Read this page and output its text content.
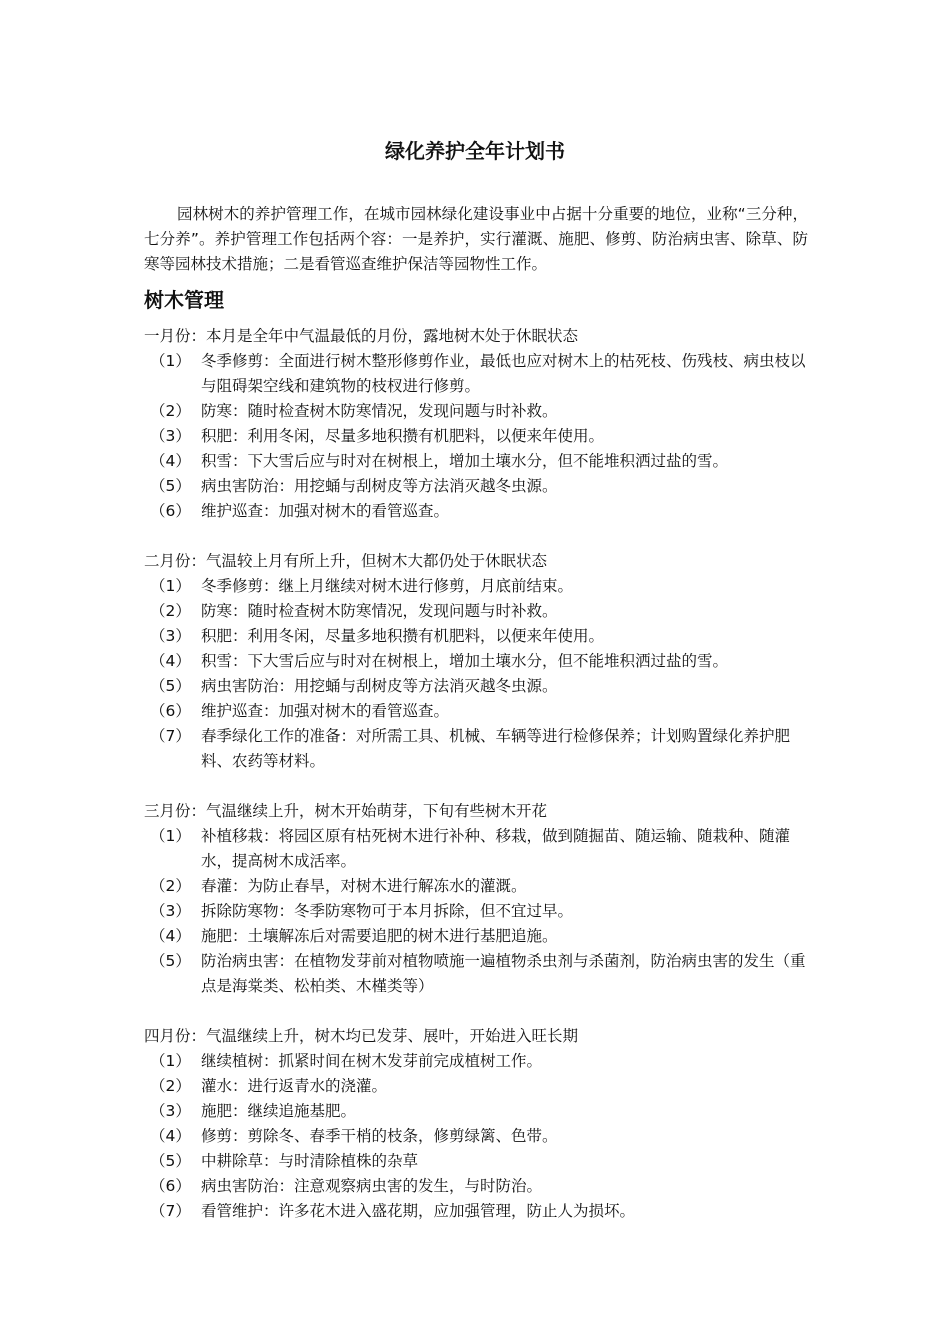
绿化养护全年计划书

园林树木的养护管理工作，在城市园林绿化建设事业中占据十分重要的地位，业称“三分种，七分养”。养护管理工作包括两个容：一是养护，实行灌溉、施肥、修剪、防治病虫害、除草、防寒等园林技术措施；二是看管巡查维护保洁等园物性工作。

树木管理
一月份：本月是全年中气温最低的月份，露地树木处于休眠状态
（1） 冬季修剪：全面进行树木整形修剪作业，最低也应对树木上的枯死枝、伤残枝、病虫枝以与阻碍架空线和建筑物的枝杈进行修剪。
（2） 防寒：随时检查树木防寒情况，发现问题与时补救。
（3） 积肥：利用冬闲，尽量多地积攒有机肥料，以便来年使用。
（4） 积雪：下大雪后应与时对在树根上，增加土壤水分，但不能堆积洒过盐的雪。
（5） 病虫害防治：用挖蛹与刮树皮等方法消灭越冬虫源。
（6） 维护巡查：加强对树木的看管巡查。
二月份：气温较上月有所上升，但树木大都仍处于休眠状态
（1） 冬季修剪：继上月继续对树木进行修剪，月底前结束。
（2） 防寒：随时检查树木防寒情况，发现问题与时补救。
（3） 积肥：利用冬闲，尽量多地积攒有机肥料，以便来年使用。
（4） 积雪：下大雪后应与时对在树根上，增加土壤水分，但不能堆积洒过盐的雪。
（5） 病虫害防治：用挖蛹与刮树皮等方法消灭越冬虫源。
（6） 维护巡查：加强对树木的看管巡查。
（7） 春季绿化工作的准备：对所需工具、机械、车辆等进行检修保养；计划购置绿化养护肥料、农药等材料。
三月份：气温继续上升，树木开始萌芽，下旬有些树木开花
（1） 补植移栽：将园区原有枯死树木进行补种、移栽，做到随掘苗、随运输、随栽种、随灌水，提高树木成活率。
（2） 春灌：为防止春旱，对树木进行解冻水的灌溉。
（3） 拆除防寒物：冬季防寒物可于本月拆除，但不宜过早。
（4） 施肥：土壤解冻后对需要追肥的树木进行基肥追施。
（5） 防治病虫害：在植物发芽前对植物喷施一遍植物杀虫剂与杀菌剂，防治病虫害的发生（重点是海棠类、松柏类、木槿类等）
四月份：气温继续上升，树木均已发芽、展叶，开始进入旺长期
（1） 继续植树：抓紧时间在树木发芽前完成植树工作。
（2） 灌水：进行返青水的浇灌。
（3） 施肥：继续追施基肥。
（4） 修剪：剪除冬、春季干梢的枝条，修剪绿篱、色带。
（5） 中耕除草：与时清除植株的杂草
（6） 病虫害防治：注意观察病虫害的发生，与时防治。
（7） 看管维护：许多花木进入盛花期，应加强管理，防止人为损坏。
